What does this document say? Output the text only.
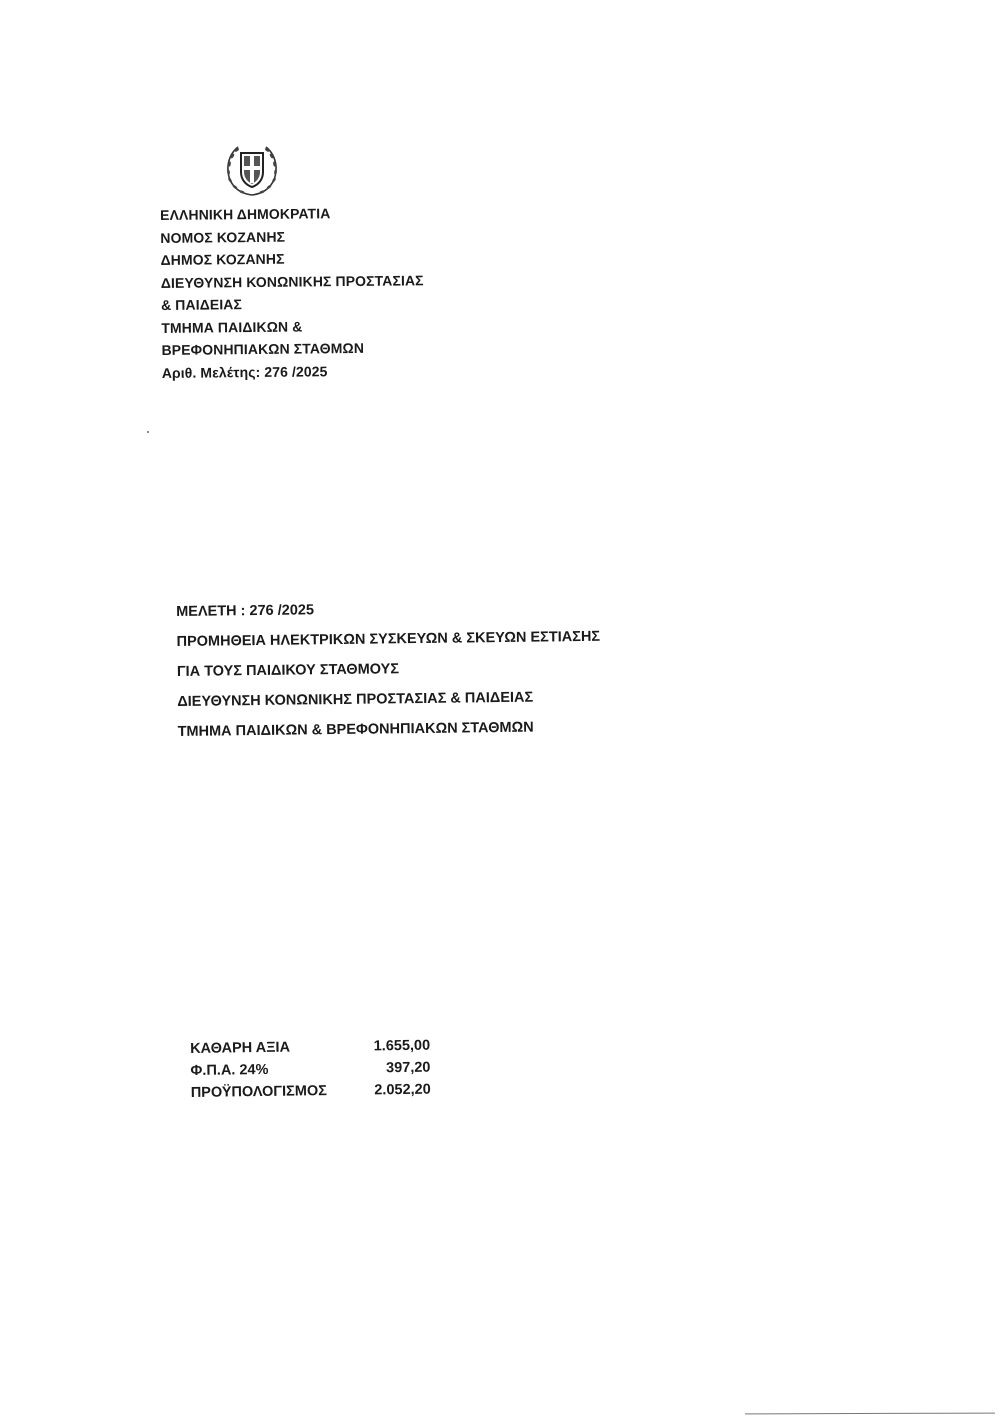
ΕΛΛΗΝΙΚΗ ΔΗΜΟΚΡΑΤΙΑ
ΝΟΜΟΣ ΚΟΖΑΝΗΣ
ΔΗΜΟΣ ΚΟΖΑΝΗΣ
ΔΙΕΥΘΥΝΣΗ ΚΟΝΩΝΙΚΗΣ ΠΡΟΣΤΑΣΙΑΣ
& ΠΑΙΔΕΙΑΣ
ΤΜΗΜΑ ΠΑΙΔΙΚΩΝ &
ΒΡΕΦΟΝΗΠΙΑΚΩΝ ΣΤΑΘΜΩΝ
Αριθ. Μελέτης: 276 /2025
ΜΕΛΕΤΗ : 276 /2025
ΠΡΟΜΗΘΕΙΑ ΗΛΕΚΤΡΙΚΩΝ ΣΥΣΚΕΥΩΝ & ΣΚΕΥΩΝ ΕΣΤΙΑΣΗΣ
ΓΙΑ ΤΟΥΣ ΠΑΙΔΙΚΟΥ ΣΤΑΘΜΟΥΣ
ΔΙΕΥΘΥΝΣΗ ΚΟΝΩΝΙΚΗΣ ΠΡΟΣΤΑΣΙΑΣ & ΠΑΙΔΕΙΑΣ
ΤΜΗΜΑ ΠΑΙΔΙΚΩΝ & ΒΡΕΦΟΝΗΠΙΑΚΩΝ ΣΤΑΘΜΩΝ
ΚΑΘΑΡΗ ΑΞΙΑ	1.655,00
Φ.Π.Α. 24%	397,20
ΠΡΟΫΠΟΛΟΓΙΣΜΟΣ	2.052,20
